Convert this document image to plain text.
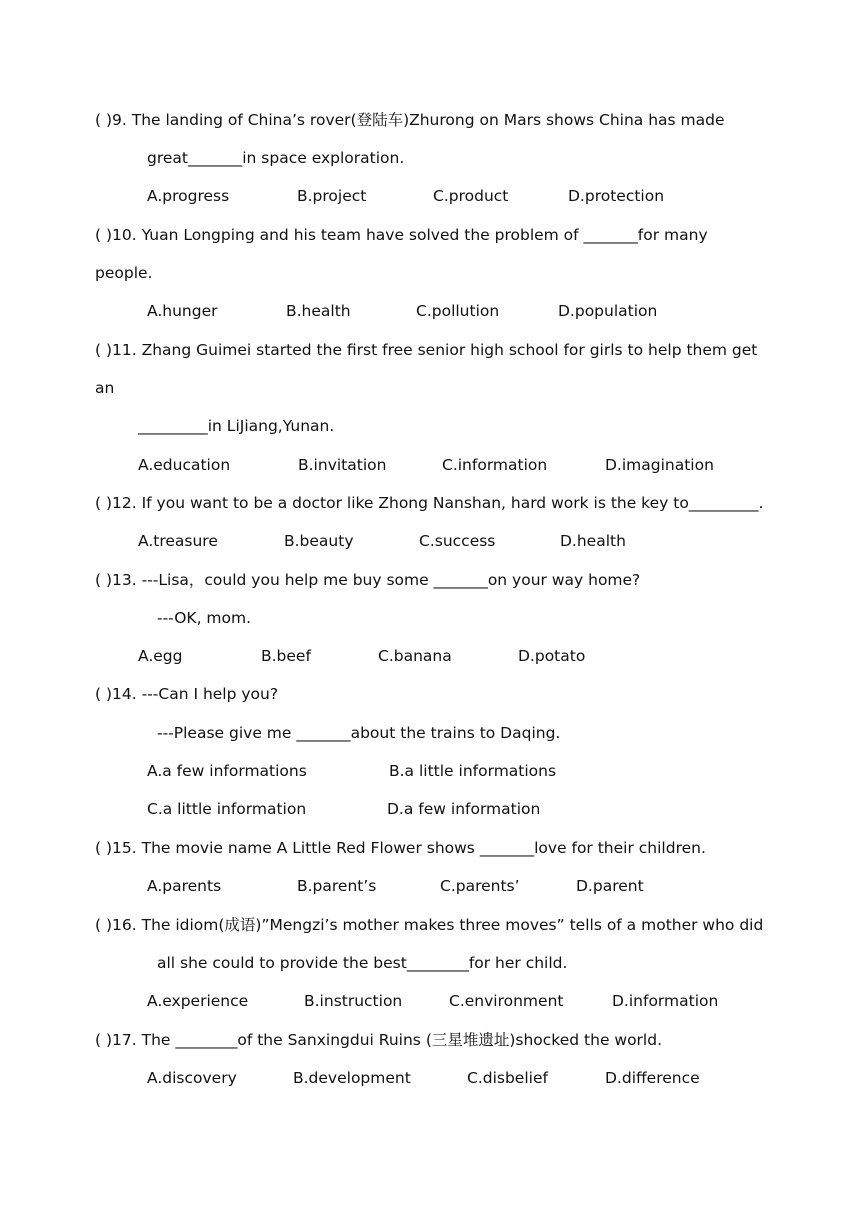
( )9. The landing of China’s rover(登陆车)Zhurong on Mars shows China has made
great_______in space exploration.
A.progress	B.project	C.product	D.protection
( )10. Yuan Longping and his team have solved the problem of _______for many
people.
A.hunger	B.health	C.pollution	D.population
( )11. Zhang Guimei started the first free senior high school for girls to help them get
an
_________in LiJiang,Yunan.
A.education	B.invitation	C.information	D.imagination
( )12. If you want to be a doctor like Zhong Nanshan, hard work is the key to_________.
A.treasure	B.beauty	C.success	D.health
( )13. ---Lisa，could you help me buy some _______on your way home?
---OK, mom.
A.egg	B.beef	C.banana	D.potato
( )14. ---Can I help you?
---Please give me _______about the trains to Daqing.
A.a few informations	B.a little informations
C.a little information	D.a few information
( )15. The movie name A Little Red Flower shows _______love for their children.
A.parents	B.parent’s	C.parents’	D.parent
( )16. The idiom(成语)”Mengzi’s mother makes three moves” tells of a mother who did
all she could to provide the best________for her child.
A.experience	B.instruction	C.environment	D.information
( )17. The ________of the Sanxingdui Ruins (三星堆遗址)shocked the world.
A.discovery	B.development	C.disbelief	D.difference
